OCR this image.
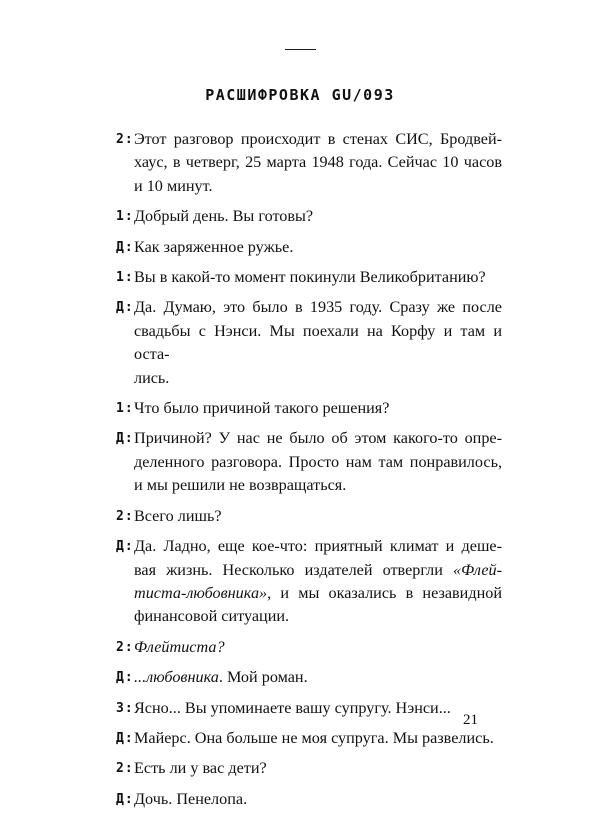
РАСШИФРОВКА GU/093
2: Этот разговор происходит в стенах СИС, Бродвей-
хаус, в четверг, 25 марта 1948 года. Сейчас 10 часов
и 10 минут.
1: Добрый день. Вы готовы?
Д: Как заряженное ружье.
1: Вы в какой-то момент покинули Великобританию?
Д: Да. Думаю, это было в 1935 году. Сразу же после
свадьбы с Нэнси. Мы поехали на Корфу и там и оста-
лись.
1: Что было причиной такого решения?
Д: Причиной? У нас не было об этом какого-то опре-
деленного разговора. Просто нам там понравилось,
и мы решили не возвращаться.
2: Всего лишь?
Д: Да. Ладно, еще кое-что: приятный климат и деше-
вая жизнь. Несколько издателей отвергли «Флей-
тиста-любовника», и мы оказались в незавидной
финансовой ситуации.
2: Флейтиста?
Д: ...любовника. Мой роман.
3: Ясно... Вы упоминаете вашу супругу. Нэнси...
Д: Майерс. Она больше не моя супруга. Мы развелись.
2: Есть ли у вас дети?
Д: Дочь. Пенелопа.
21
